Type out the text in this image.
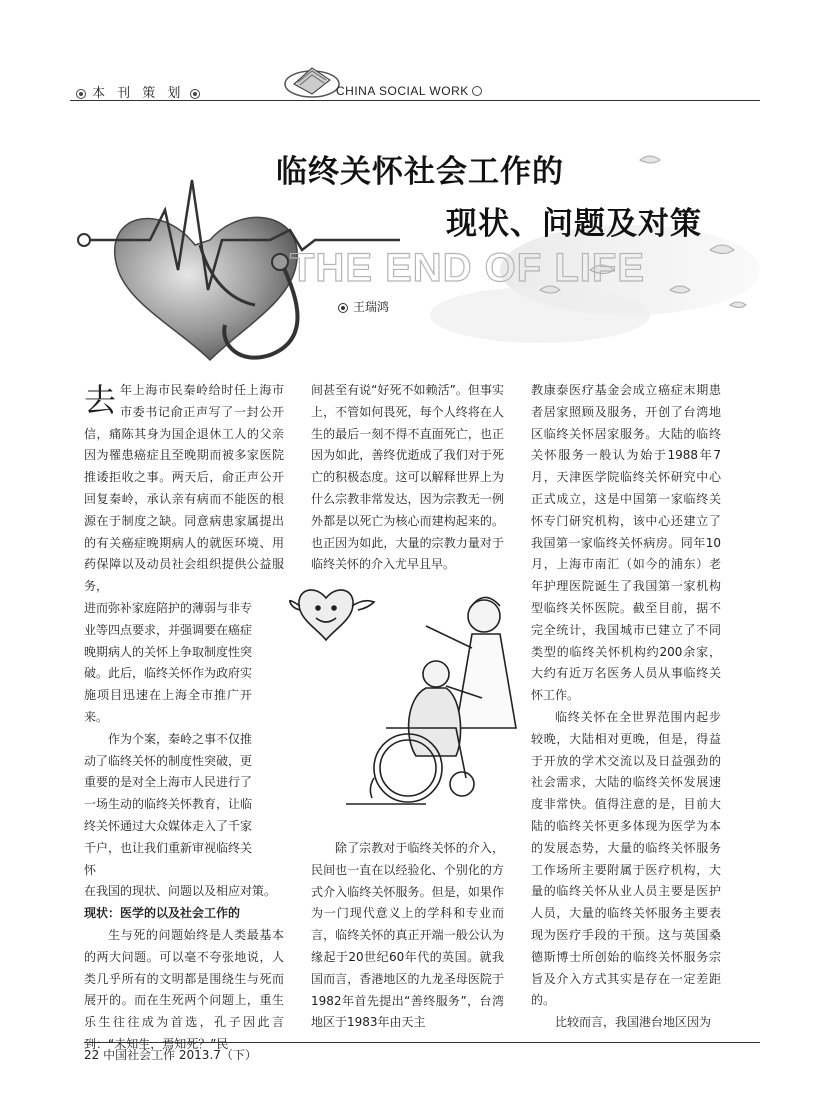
本 刊 策 划	CHINA SOCIAL WORK
临终关怀社会工作的
现状、问题及对策
THE END OF LIFE
王瑞鸿

去年上海市民秦岭给时任上海市市委书记俞正声写了一封公开信，痛陈其身为国企退休工人的父亲因为罹患癌症且至晚期而被多家医院推诿拒收之事。两天后，俞正声公开回复秦岭，承认亲有病而不能医的根源在于制度之缺。同意病患家属提出的有关癌症晚期病人的就医环境、用药保障以及动员社会组织提供公益服务，

进而弥补家庭陪护的薄弱与非专业等四点要求，并强调要在癌症晚期病人的关怀上争取制度性突破。此后，临终关怀作为政府实施项目迅速在上海全市推广开来。

作为个案，秦岭之事不仅推动了临终关怀的制度性突破，更重要的是对全上海市人民进行了一场生动的临终关怀教育，让临终关怀通过大众媒体走入了千家千户，也让我们重新审视临终关怀

在我国的现状、问题以及相应对策。

现状：医学的以及社会工作的

生与死的问题始终是人类最基本的两大问题。可以毫不夸张地说，人类几乎所有的文明都是围绕生与死而展开的。而在生死两个问题上，重生乐生往往成为首选，孔子因此言到：“未知生，焉知死？”民

间甚至有说“好死不如赖活”。但事实上，不管如何畏死，每个人终将在人生的最后一刻不得不直面死亡，也正因为如此，善终优逝成了我们对于死亡的积极态度。这可以解释世界上为什么宗教非常发达，因为宗教无一例外都是以死亡为核心而建构起来的。也正因为如此，大量的宗教力量对于临终关怀的介入尤早且早。

除了宗教对于临终关怀的介入，民间也一直在以经验化、个别化的方式介入临终关怀服务。但是，如果作为一门现代意义上的学科和专业而言，临终关怀的真正开端一般公认为缘起于20世纪60年代的英国。就我国而言，香港地区的九龙圣母医院于1982年首先提出“善终服务”，台湾地区于1983年由天主

教康泰医疗基金会成立癌症末期患者居家照顾及服务，开创了台湾地区临终关怀居家服务。大陆的临终关怀服务一般认为始于1988年7月，天津医学院临终关怀研究中心正式成立，这是中国第一家临终关怀专门研究机构，该中心还建立了我国第一家临终关怀病房。同年10月，上海市南汇（如今的浦东）老年护理医院诞生了我国第一家机构型临终关怀医院。截至目前，据不完全统计，我国城市已建立了不同类型的临终关怀机构约200余家，大约有近万名医务人员从事临终关怀工作。

临终关怀在全世界范围内起步较晚，大陆相对更晚，但是，得益于开放的学术交流以及日益强劲的社会需求，大陆的临终关怀发展速度非常快。值得注意的是，目前大陆的临终关怀更多体现为医学为本的发展态势，大量的临终关怀服务工作场所主要附属于医疗机构，大量的临终关怀从业人员主要是医护人员，大量的临终关怀服务主要表现为医疗手段的干预。这与英国桑德斯博士所创始的临终关怀服务宗旨及介入方式其实是存在一定差距的。

比较而言，我国港台地区因为

22 中国社会工作 2013.7（下）
